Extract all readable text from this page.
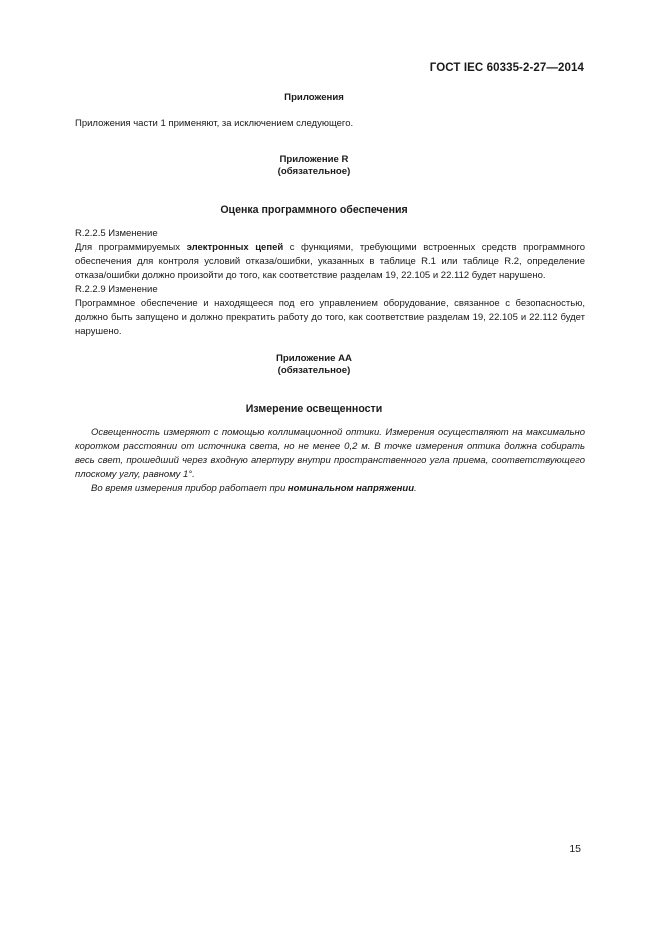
ГОСТ IEC 60335-2-27—2014
Приложения
Приложения части 1 применяют, за исключением следующего.
Приложение R
(обязательное)
Оценка программного обеспечения

R.2.2.5 Изменение

Для программируемых электронных цепей с функциями, требующими встроенных средств программного обеспечения для контроля условий отказа/ошибки, указанных в таблице R.1 или таблице R.2, определение отказа/ошибки должно произойти до того, как соответствие разделам 19, 22.105 и 22.112 будет нарушено.

R.2.2.9 Изменение

Программное обеспечение и находящееся под его управлением оборудование, связанное с безопасностью, должно быть запущено и должно прекратить работу до того, как соответствие разделам 19, 22.105 и 22.112 будет нарушено.

Приложение АА
(обязательное)
Измерение освещенности

Освещенность измеряют с помощью коллимационной оптики. Измерения осуществляют на максимально коротком расстоянии от источника света, но не менее 0,2 м. В точке измерения оптика должна собирать весь свет, прошедший через входную апертуру внутри пространственного угла приема, соответствующего плоскому углу, равному 1°.

Во время измерения прибор работает при номинальном напряжении.

15
